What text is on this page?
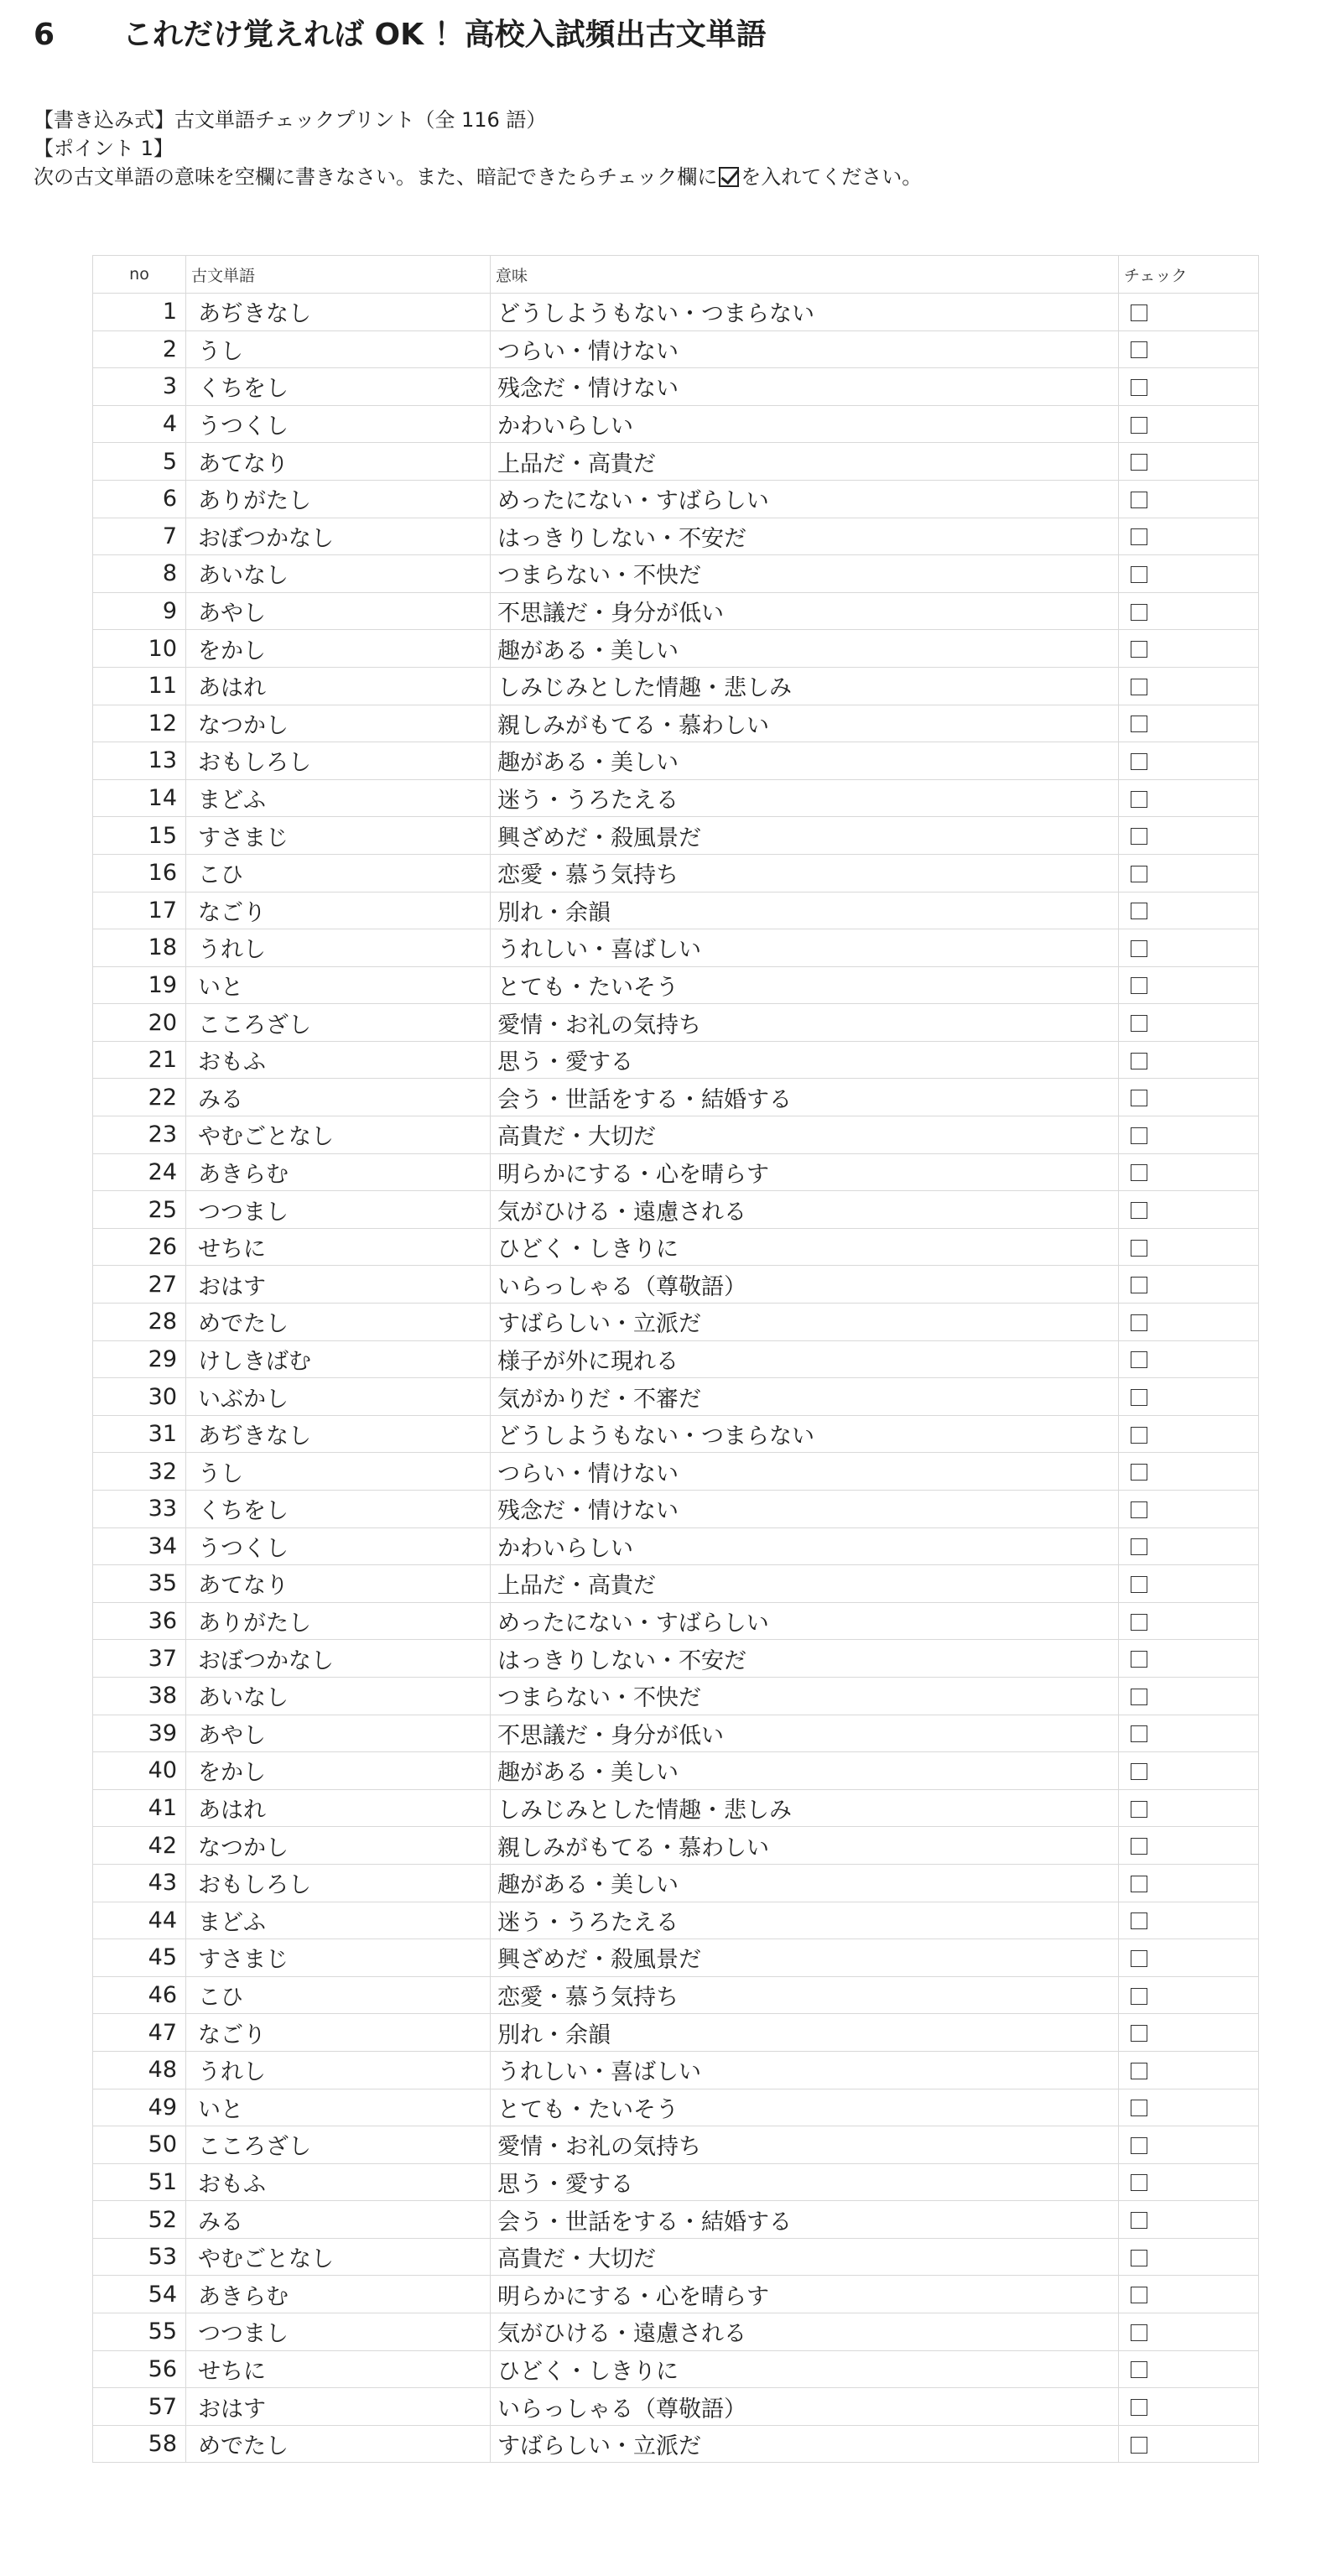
6 これだけ覚えれば OK ！高校入試頻出古文単語
【書き込み式】古文単語チェックプリント（全 116 語）
【ポイント 1】
次の古文単語の意味を空欄に書きなさい。また、暗記できたらチェック欄に を入れてください。
no	古文単語	意味	チェック
1	あぢきなし	どうしようもない・つまらない	
2	うし	つらい・情けない	
3	くちをし	残念だ・情けない	
4	うつくし	かわいらしい	
5	あてなり	上品だ・高貴だ	
6	ありがたし	めったにない・すばらしい	
7	おぼつかなし	はっきりしない・不安だ	
8	あいなし	つまらない・不快だ	
9	あやし	不思議だ・身分が低い	
10	をかし	趣がある・美しい	
11	あはれ	しみじみとした情趣・悲しみ	
12	なつかし	親しみがもてる・慕わしい	
13	おもしろし	趣がある・美しい	
14	まどふ	迷う・うろたえる	
15	すさまじ	興ざめだ・殺風景だ	
16	こひ	恋愛・慕う気持ち	
17	なごり	別れ・余韻	
18	うれし	うれしい・喜ばしい	
19	いと	とても・たいそう	
20	こころざし	愛情・お礼の気持ち	
21	おもふ	思う・愛する	
22	みる	会う・世話をする・結婚する	
23	やむごとなし	高貴だ・大切だ	
24	あきらむ	明らかにする・心を晴らす	
25	つつまし	気がひける・遠慮される	
26	せちに	ひどく・しきりに	
27	おはす	いらっしゃる（尊敬語）	
28	めでたし	すばらしい・立派だ	
29	けしきばむ	様子が外に現れる	
30	いぶかし	気がかりだ・不審だ	
31	あぢきなし	どうしようもない・つまらない	
32	うし	つらい・情けない	
33	くちをし	残念だ・情けない	
34	うつくし	かわいらしい	
35	あてなり	上品だ・高貴だ	
36	ありがたし	めったにない・すばらしい	
37	おぼつかなし	はっきりしない・不安だ	
38	あいなし	つまらない・不快だ	
39	あやし	不思議だ・身分が低い	
40	をかし	趣がある・美しい	
41	あはれ	しみじみとした情趣・悲しみ	
42	なつかし	親しみがもてる・慕わしい	
43	おもしろし	趣がある・美しい	
44	まどふ	迷う・うろたえる	
45	すさまじ	興ざめだ・殺風景だ	
46	こひ	恋愛・慕う気持ち	
47	なごり	別れ・余韻	
48	うれし	うれしい・喜ばしい	
49	いと	とても・たいそう	
50	こころざし	愛情・お礼の気持ち	
51	おもふ	思う・愛する	
52	みる	会う・世話をする・結婚する	
53	やむごとなし	高貴だ・大切だ	
54	あきらむ	明らかにする・心を晴らす	
55	つつまし	気がひける・遠慮される	
56	せちに	ひどく・しきりに	
57	おはす	いらっしゃる（尊敬語）	
58	めでたし	すばらしい・立派だ	
